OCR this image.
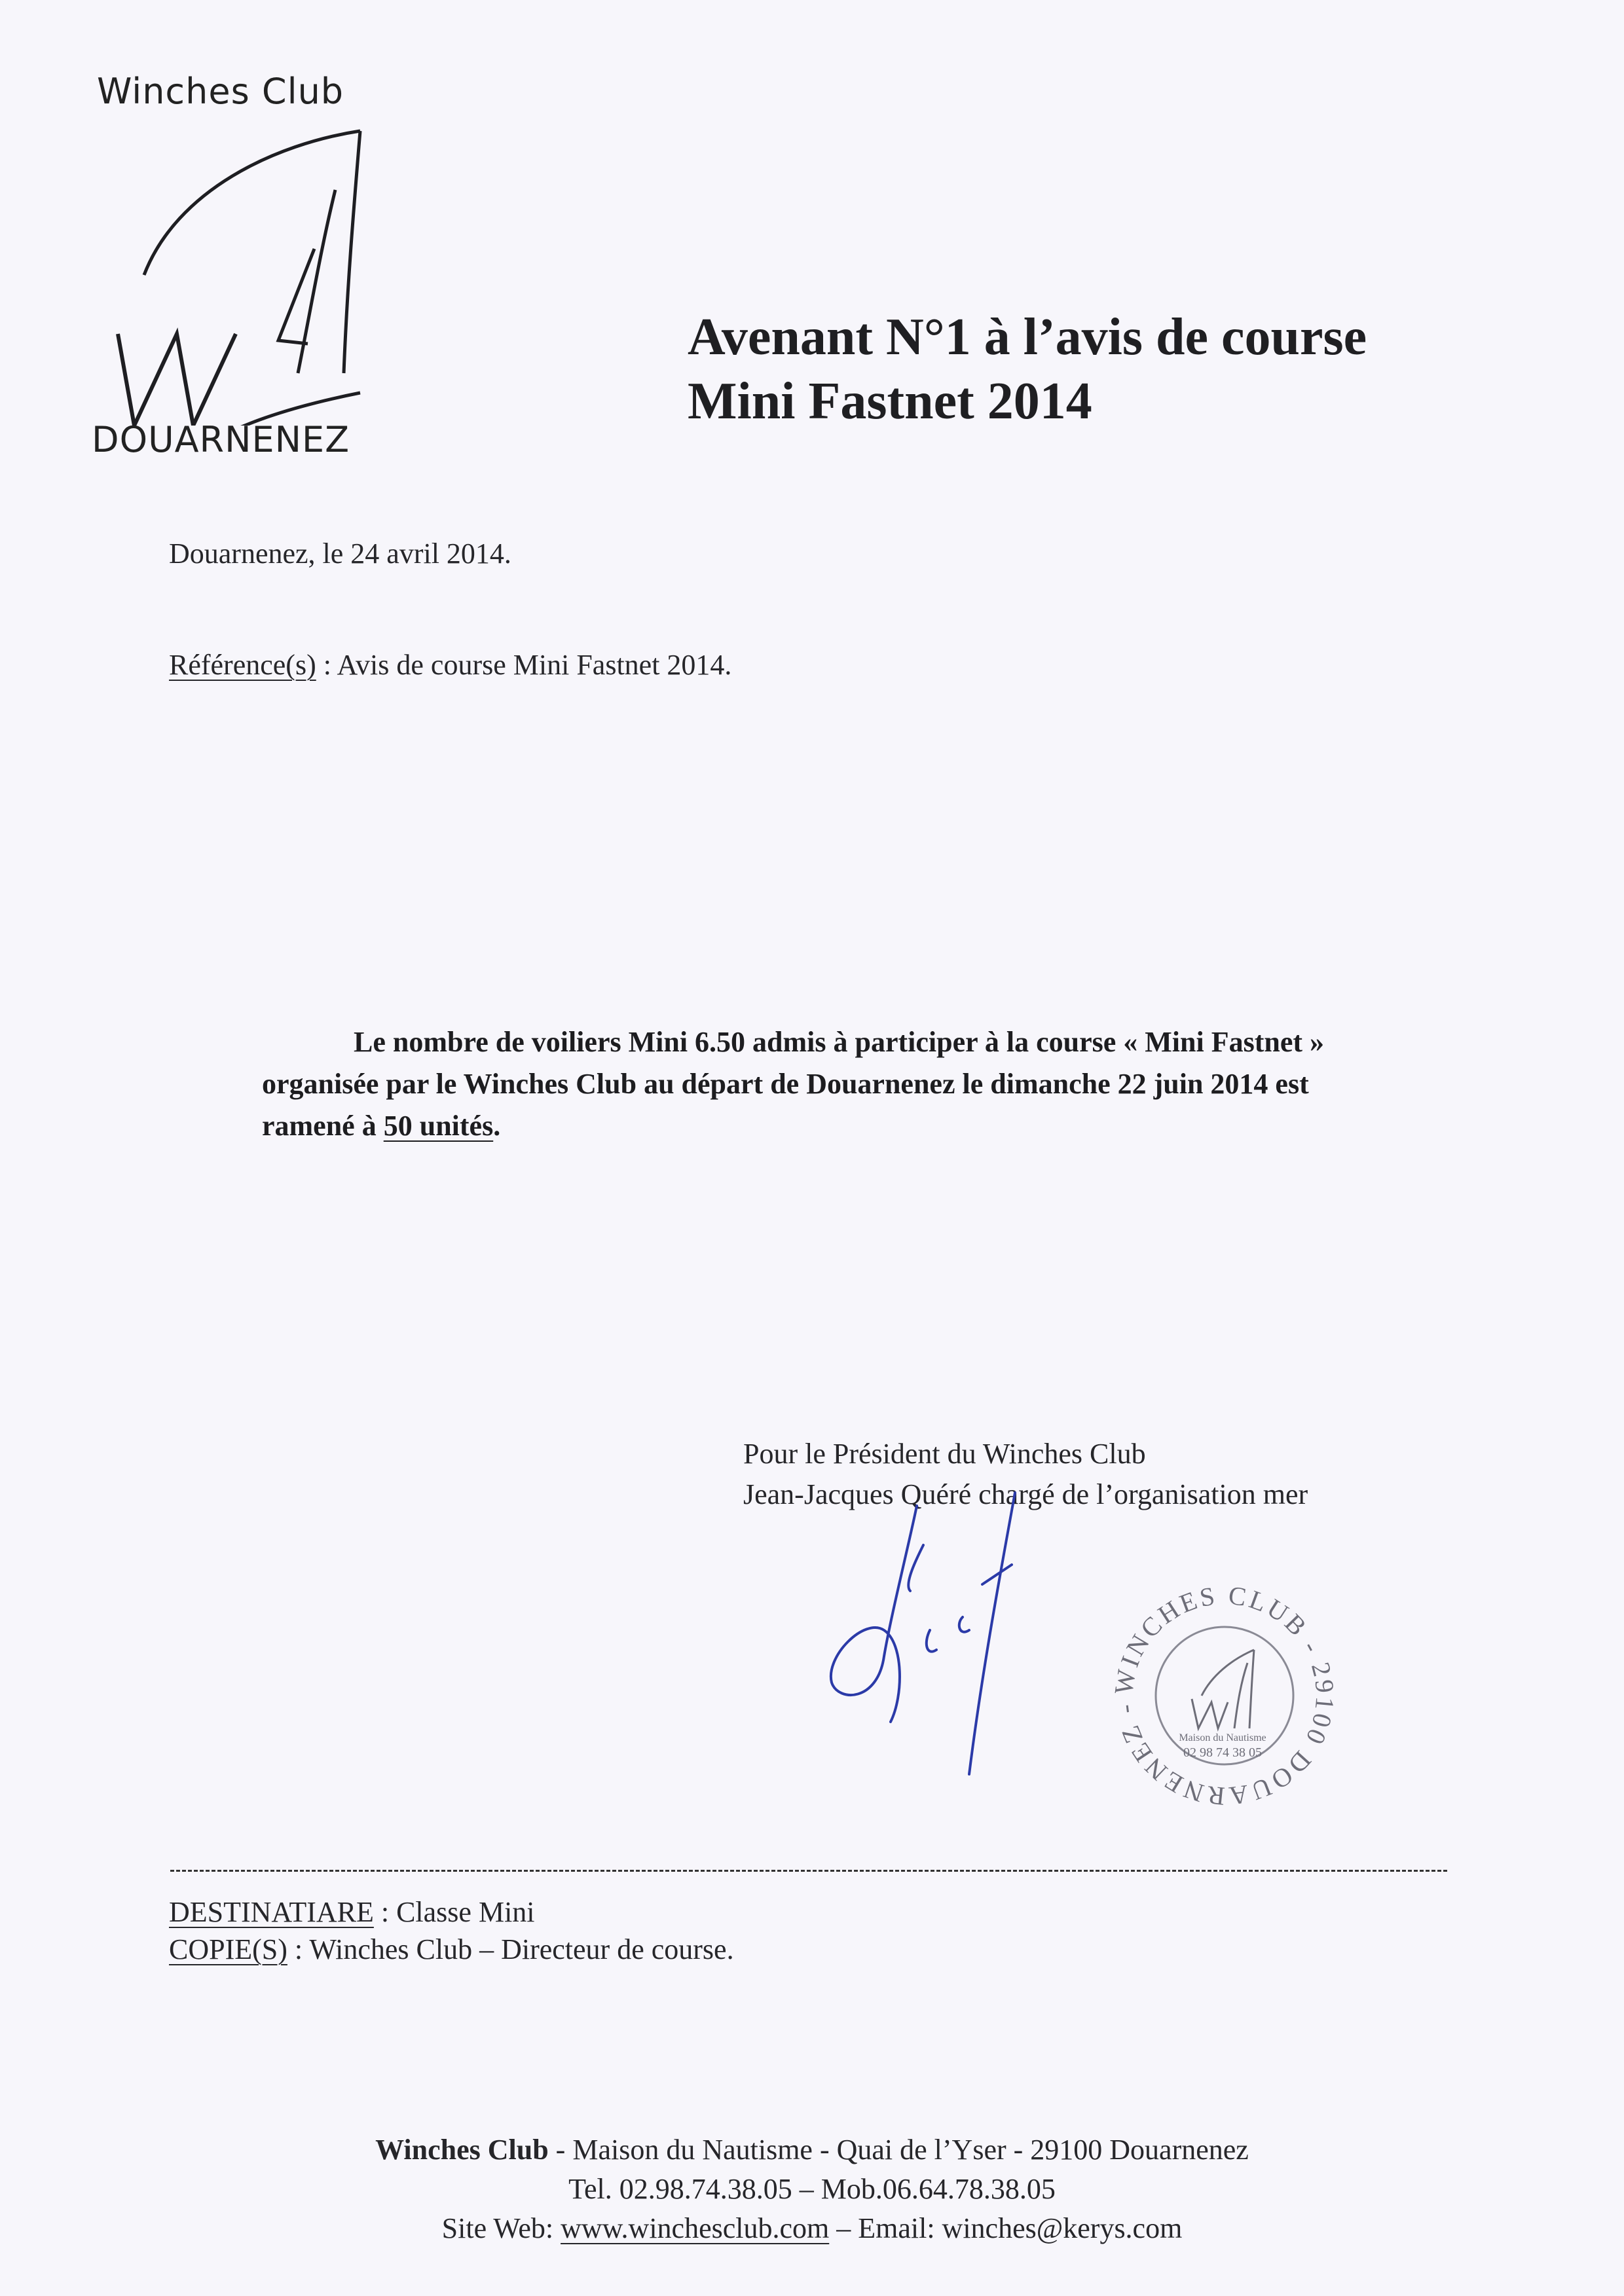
Winches Club
DOUARNENEZ
Avenant N°1 à l’avis de course
Mini Fastnet 2014
Douarnenez, le 24 avril 2014.
Référence(s) : Avis de course Mini Fastnet 2014.
Le nombre de voiliers Mini 6.50 admis à participer à la course « Mini Fastnet »
organisée par le Winches Club au départ de Douarnenez le dimanche 22 juin 2014 est
ramené à 50 unités.
Pour le Président du Winches Club
Jean-Jacques Quéré chargé de l’organisation mer
WINCHES CLUB - 29100 DOUARNENEZ -
Maison du Nautisme
02 98 74 38 05
DESTINATIARE : Classe Mini
COPIE(S) : Winches Club – Directeur de course.
Winches Club - Maison du Nautisme - Quai de l’Yser - 29100 Douarnenez
Tel. 02.98.74.38.05 – Mob.06.64.78.38.05
Site Web: www.winchesclub.com – Email: winches@kerys.com
